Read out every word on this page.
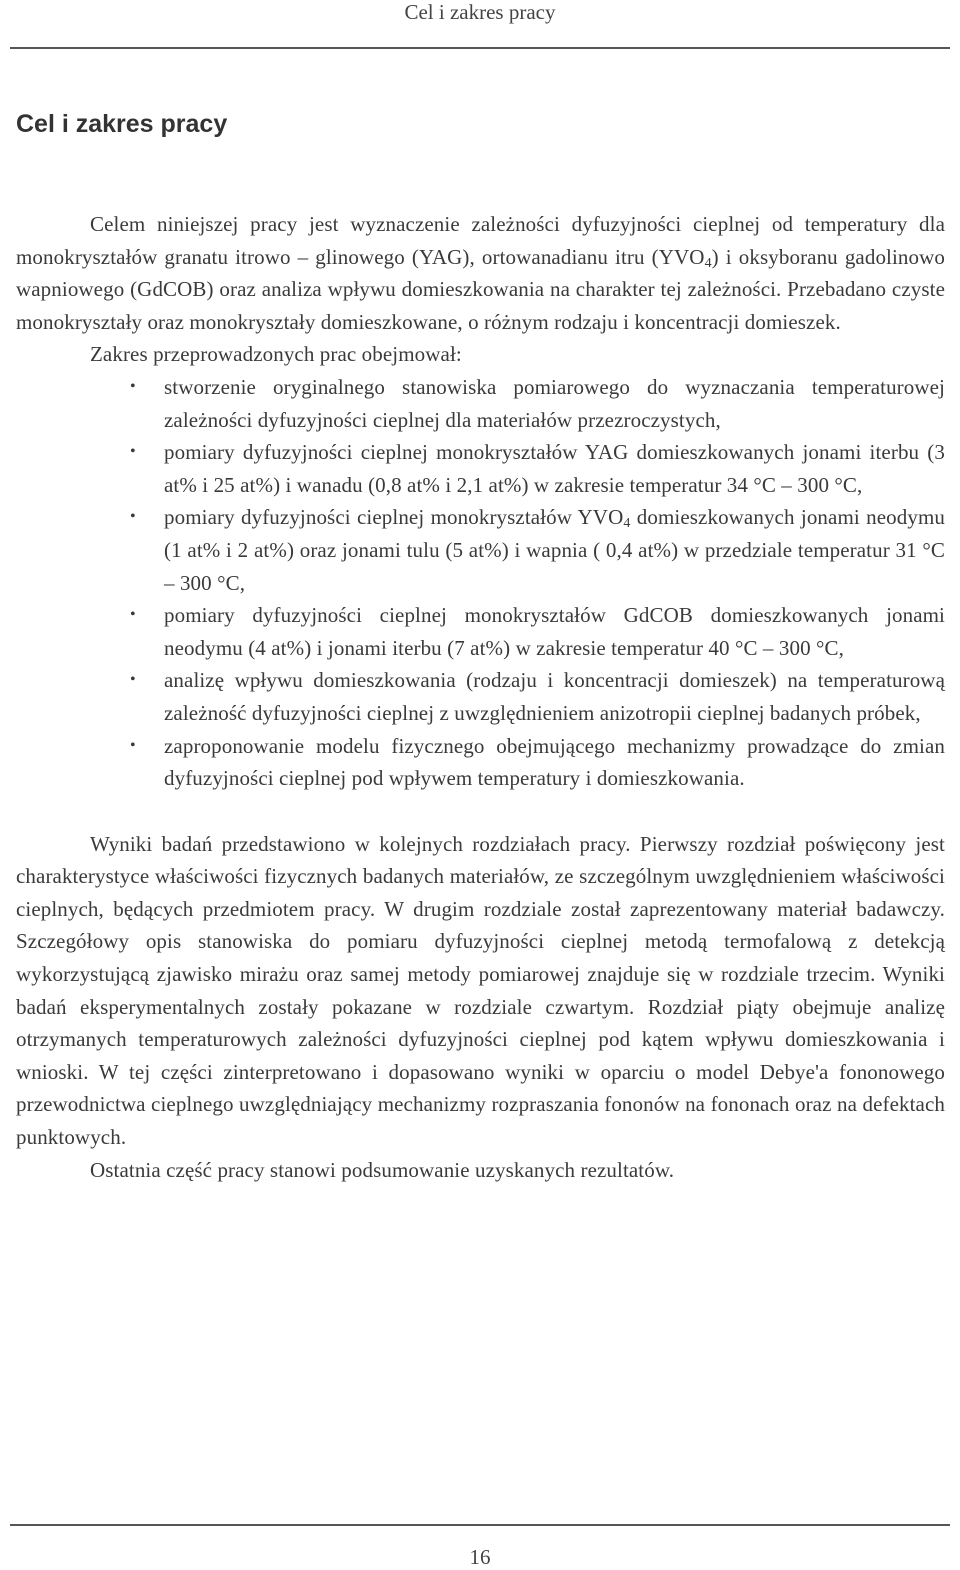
Cel i zakres pracy
Cel i zakres pracy

Celem niniejszej pracy jest wyznaczenie zależności dyfuzyjności cieplnej od temperatury dla monokryształów granatu itrowo – glinowego (YAG), ortowanadianu itru $(YVO_4)$ i oksyboranu gadolinowo wapniowego (GdCOB) oraz analiza wpływu domieszkowania na charakter tej zależności. Przebadano czyste monokryształy oraz monokryształy domieszkowane, o różnym rodzaju i koncentracji domieszek.

Zakres przeprowadzonych prac obejmował:

• stworzenie oryginalnego stanowiska pomiarowego do wyznaczania temperaturowej zależności dyfuzyjności cieplnej dla materiałów przezroczystych,
• pomiary dyfuzyjności cieplnej monokryształów YAG domieszkowanych jonami iterbu (3 at% i 25 at%) i wanadu (0,8 at% i 2,1 at%) w zakresie temperatur 34 °C – 300 °C,
• pomiary dyfuzyjności cieplnej monokryształów $YVO_4$ domieszkowanych jonami neodymu (1 at% i 2 at%) oraz jonami tulu (5 at%) i wapnia ( 0,4 at%) w przedziale temperatur 31 °C – 300 °C,
• pomiary dyfuzyjności cieplnej monokryształów GdCOB domieszkowanych jonami neodymu (4 at%) i jonami iterbu (7 at%) w zakresie temperatur 40 °C – 300 °C,
• analizę wpływu domieszkowania (rodzaju i koncentracji domieszek) na temperaturową zależność dyfuzyjności cieplnej z uwzględnieniem anizotropii cieplnej badanych próbek,
• zaproponowanie modelu fizycznego obejmującego mechanizmy prowadzące do zmian dyfuzyjności cieplnej pod wpływem temperatury i domieszkowania.

Wyniki badań przedstawiono w kolejnych rozdziałach pracy. Pierwszy rozdział poświęcony jest charakterystyce właściwości fizycznych badanych materiałów, ze szczególnym uwzględnieniem właściwości cieplnych, będących przedmiotem pracy. W drugim rozdziale został zaprezentowany materiał badawczy. Szczegółowy opis stanowiska do pomiaru dyfuzyjności cieplnej metodą termofalową z detekcją wykorzystującą zjawisko mirażu oraz samej metody pomiarowej znajduje się w rozdziale trzecim. Wyniki badań eksperymentalnych zostały pokazane w rozdziale czwartym. Rozdział piąty obejmuje analizę otrzymanych temperaturowych zależności dyfuzyjności cieplnej pod kątem wpływu domieszkowania i wnioski. W tej części zinterpretowano i dopasowano wyniki w oparciu o model Debye'a fononowego przewodnictwa cieplnego uwzględniający mechanizmy rozpraszania fononów na fononach oraz na defektach punktowych.

Ostatnia część pracy stanowi podsumowanie uzyskanych rezultatów.

16
